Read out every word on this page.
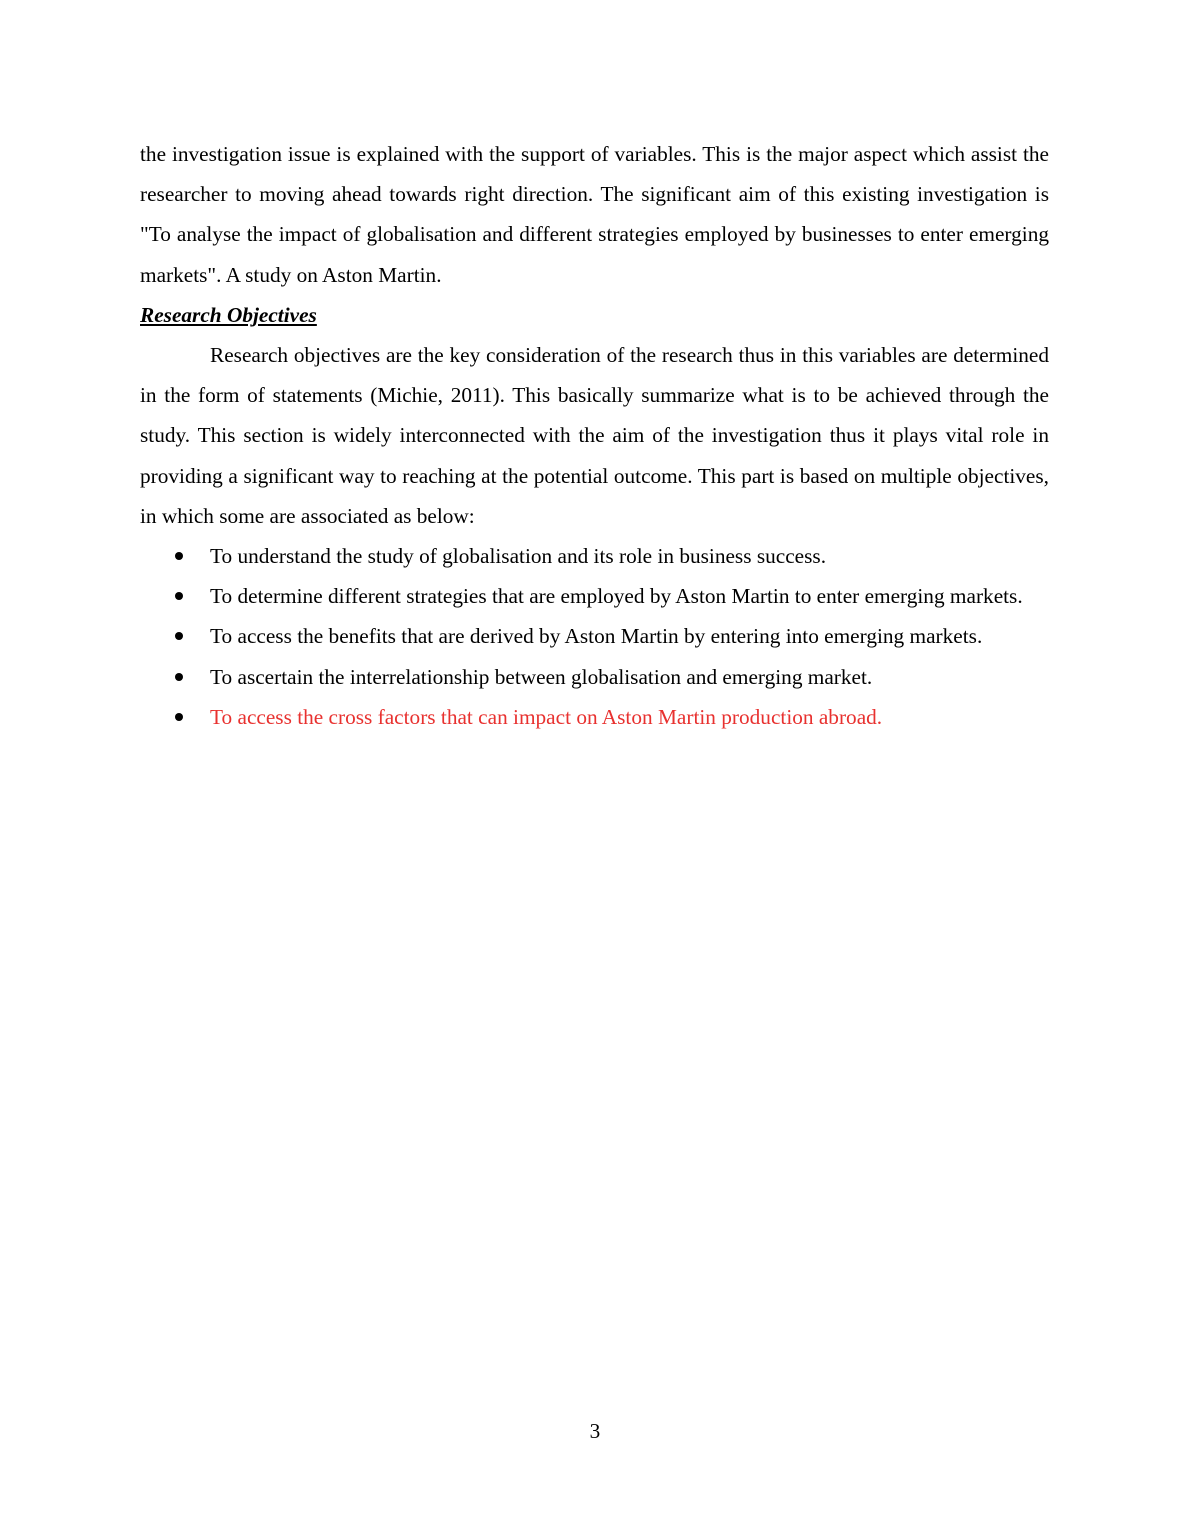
the investigation issue is explained with the support of variables. This is the major aspect which assist the researcher to moving ahead towards right direction. The significant aim of this existing investigation is "To analyse the impact of globalisation and different strategies employed by businesses to enter emerging markets". A study on Aston Martin.

Research Objectives

Research objectives are the key consideration of the research thus in this variables are determined in the form of statements (Michie, 2011). This basically summarize what is to be achieved through the study. This section is widely interconnected with the aim of the investigation thus it plays vital role in providing a significant way to reaching at the potential outcome. This part is based on multiple objectives, in which some are associated as below:

To understand the study of globalisation and its role in business success.
To determine different strategies that are employed by Aston Martin to enter emerging markets.
To access the benefits that are derived by Aston Martin by entering into emerging markets.
To ascertain the interrelationship between globalisation and emerging market.
To access the cross factors that can impact on Aston Martin production abroad.
3
